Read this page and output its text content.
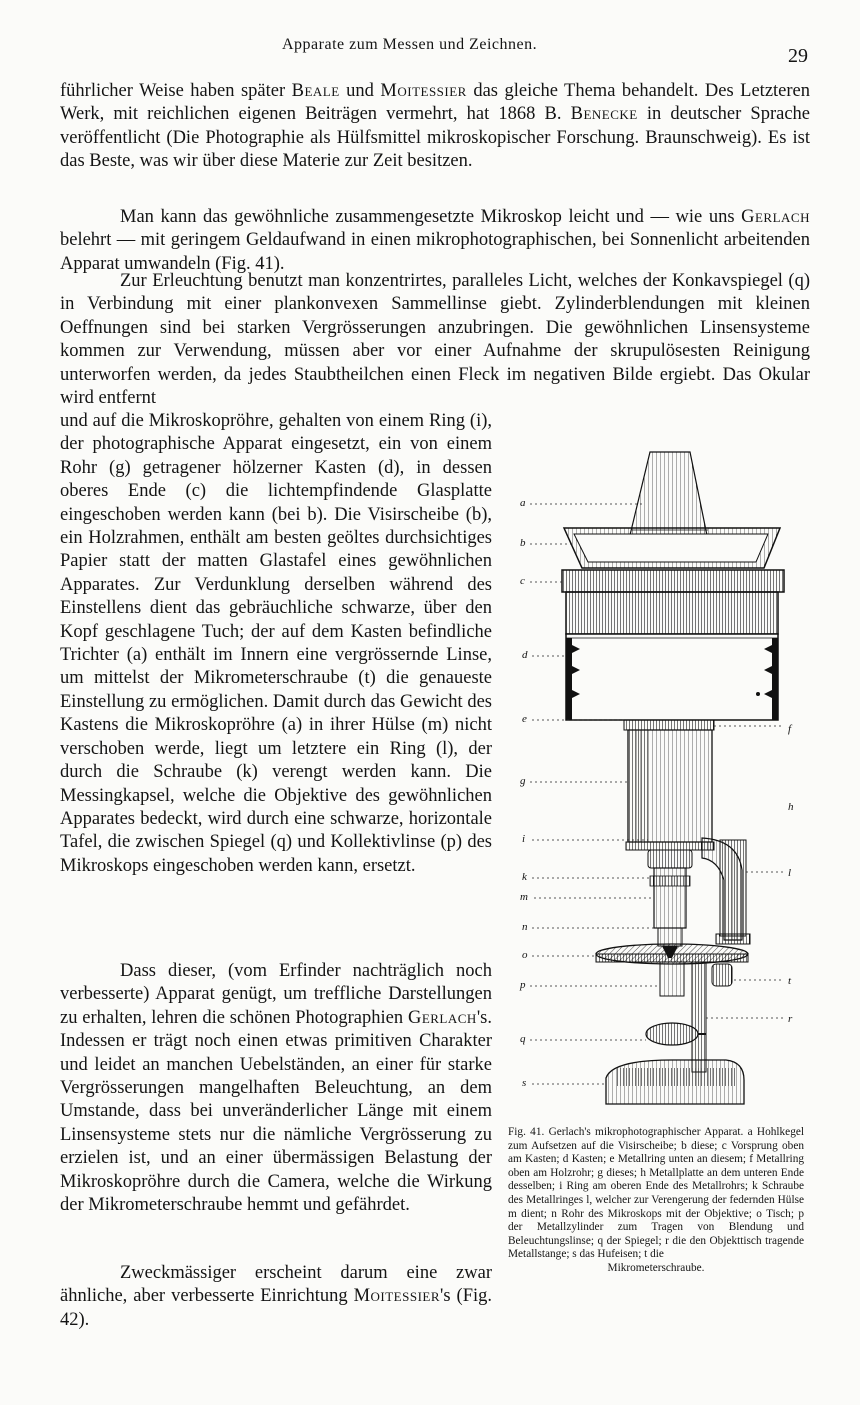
Apparate zum Messen und Zeichnen.
29

führlicher Weise haben später Beale und Moitessier das gleiche Thema behandelt. Des Letzteren Werk, mit reichlichen eigenen Beiträgen vermehrt, hat 1868 B. Benecke in deutscher Sprache veröffentlicht (Die Photographie als Hülfsmittel mikroskopischer Forschung. Braunschweig). Es ist das Beste, was wir über diese Materie zur Zeit besitzen.

Man kann das gewöhnliche zusammengesetzte Mikroskop leicht und — wie uns Gerlach belehrt — mit geringem Geldaufwand in einen mikrophotographischen, bei Sonnenlicht arbeitenden Apparat umwandeln (Fig. 41).

Zur Erleuchtung benutzt man konzentrirtes, paralleles Licht, welches der Konkavspiegel (q) in Verbindung mit einer plankonvexen Sammellinse giebt. Zylinderblendungen mit kleinen Oeffnungen sind bei starken Vergrösserungen anzubringen. Die gewöhnlichen Linsensysteme kommen zur Verwendung, müssen aber vor einer Aufnahme der skrupulösesten Reinigung unterworfen werden, da jedes Staubtheilchen einen Fleck im negativen Bilde ergiebt. Das Okular wird entfernt

und auf die Mikroskopröhre, gehalten von einem Ring (i), der photographische Apparat eingesetzt, ein von einem Rohr (g) getragener hölzerner Kasten (d), in dessen oberes Ende (c) die lichtempfindende Glasplatte eingeschoben werden kann (bei b). Die Visirscheibe (b), ein Holzrahmen, enthält am besten geöltes durchsichtiges Papier statt der matten Glastafel eines gewöhnlichen Apparates. Zur Verdunklung derselben während des Einstellens dient das gebräuchliche schwarze, über den Kopf geschlagene Tuch; der auf dem Kasten befindliche Trichter (a) enthält im Innern eine vergrössernde Linse, um mittelst der Mikrometerschraube (t) die genaueste Einstellung zu ermöglichen. Damit durch das Gewicht des Kastens die Mikroskopröhre (a) in ihrer Hülse (m) nicht verschoben werde, liegt um letztere ein Ring (l), der durch die Schraube (k) verengt werden kann. Die Messingkapsel, welche die Objektive des gewöhnlichen Apparates bedeckt, wird durch eine schwarze, horizontale Tafel, die zwischen Spiegel (q) und Kollektivlinse (p) des Mikroskops eingeschoben werden kann, ersetzt.

Dass dieser, (vom Erfinder nachträglich noch verbesserte) Apparat genügt, um treffliche Darstellungen zu erhalten, lehren die schönen Photographien Gerlach's. Indessen er trägt noch einen etwas primitiven Charakter und leidet an manchen Uebelständen, an einer für starke Vergrösserungen mangelhaften Beleuchtung, an dem Umstande, dass bei unveränderlicher Länge mit einem Linsensysteme stets nur die nämliche Vergrösserung zu erzielen ist, und an einer übermässigen Belastung der Mikroskopröhre durch die Camera, welche die Wirkung der Mikrometerschraube hemmt und gefährdet.

Zweckmässiger erscheint darum eine zwar ähnliche, aber verbesserte Einrichtung Moitessier's (Fig. 42).

a
b
c
d
e
g
i
k
m
n
o
p
q
s
f
h
l
t
r

Fig. 41. Gerlach's mikrophotographischer Apparat. a Hohlkegel zum Aufsetzen auf die Visirscheibe; b diese; c Vorsprung oben am Kasten; d Kasten; e Metallring unten an diesem; f Metallring oben am Holzrohr; g dieses; h Metallplatte an dem unteren Ende desselben; i Ring am oberen Ende des Metallrohrs; k Schraube des Metallringes l, welcher zur Verengerung der federnden Hülse m dient; n Rohr des Mikroskops mit der Objektive; o Tisch; p der Metallzylinder zum Tragen von Blendung und Beleuchtungslinse; q der Spiegel; r die den Objekttisch tragende Metallstange; s das Hufeisen; t die
Mikrometerschraube.
